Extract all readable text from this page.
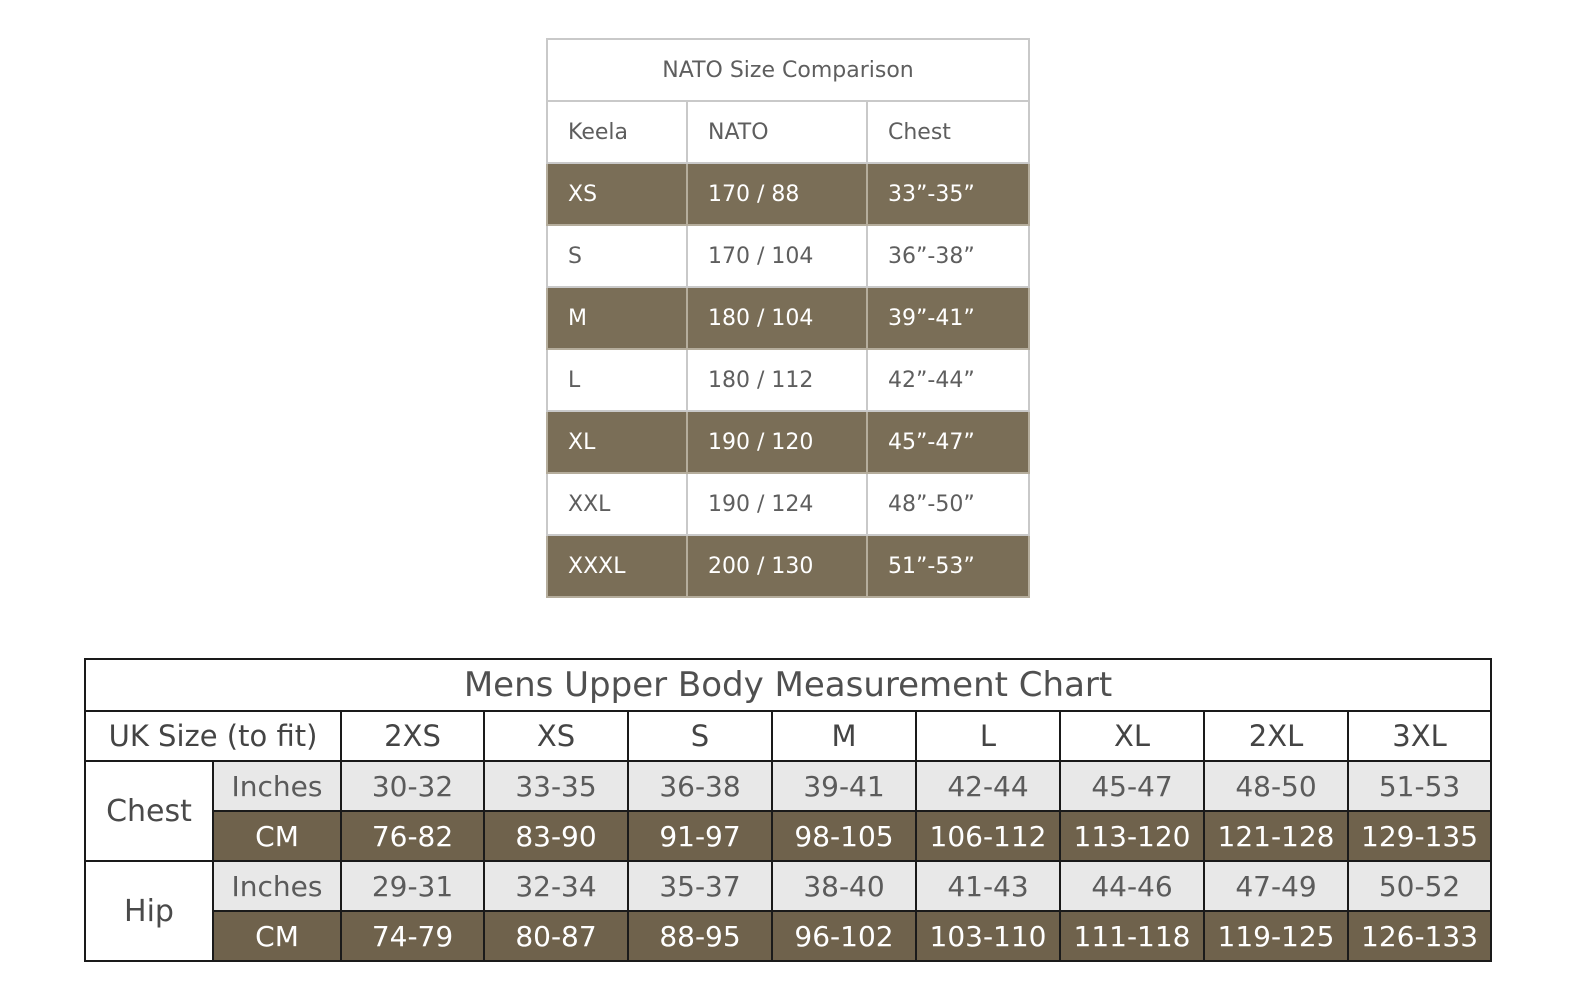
NATO Size Comparison		
Keela	NATO	Chest
XS	170 / 88	33”-35”
S	170 / 104	36”-38”
M	180 / 104	39”-41”
L	180 / 112	42”-44”
XL	190 / 120	45”-47”
XXL	190 / 124	48”-50”
XXXL	200 / 130	51”-53”
Mens Upper Body Measurement Chart									
UK Size (to fit)		2XS	XS	S	M	L	XL	2XL	3XL
Chest	Inches	30-32	33-35	36-38	39-41	42-44	45-47	48-50	51-53
	CM	76-82	83-90	91-97	98-105	106-112	113-120	121-128	129-135
Hip	Inches	29-31	32-34	35-37	38-40	41-43	44-46	47-49	50-52
	CM	74-79	80-87	88-95	96-102	103-110	111-118	119-125	126-133
